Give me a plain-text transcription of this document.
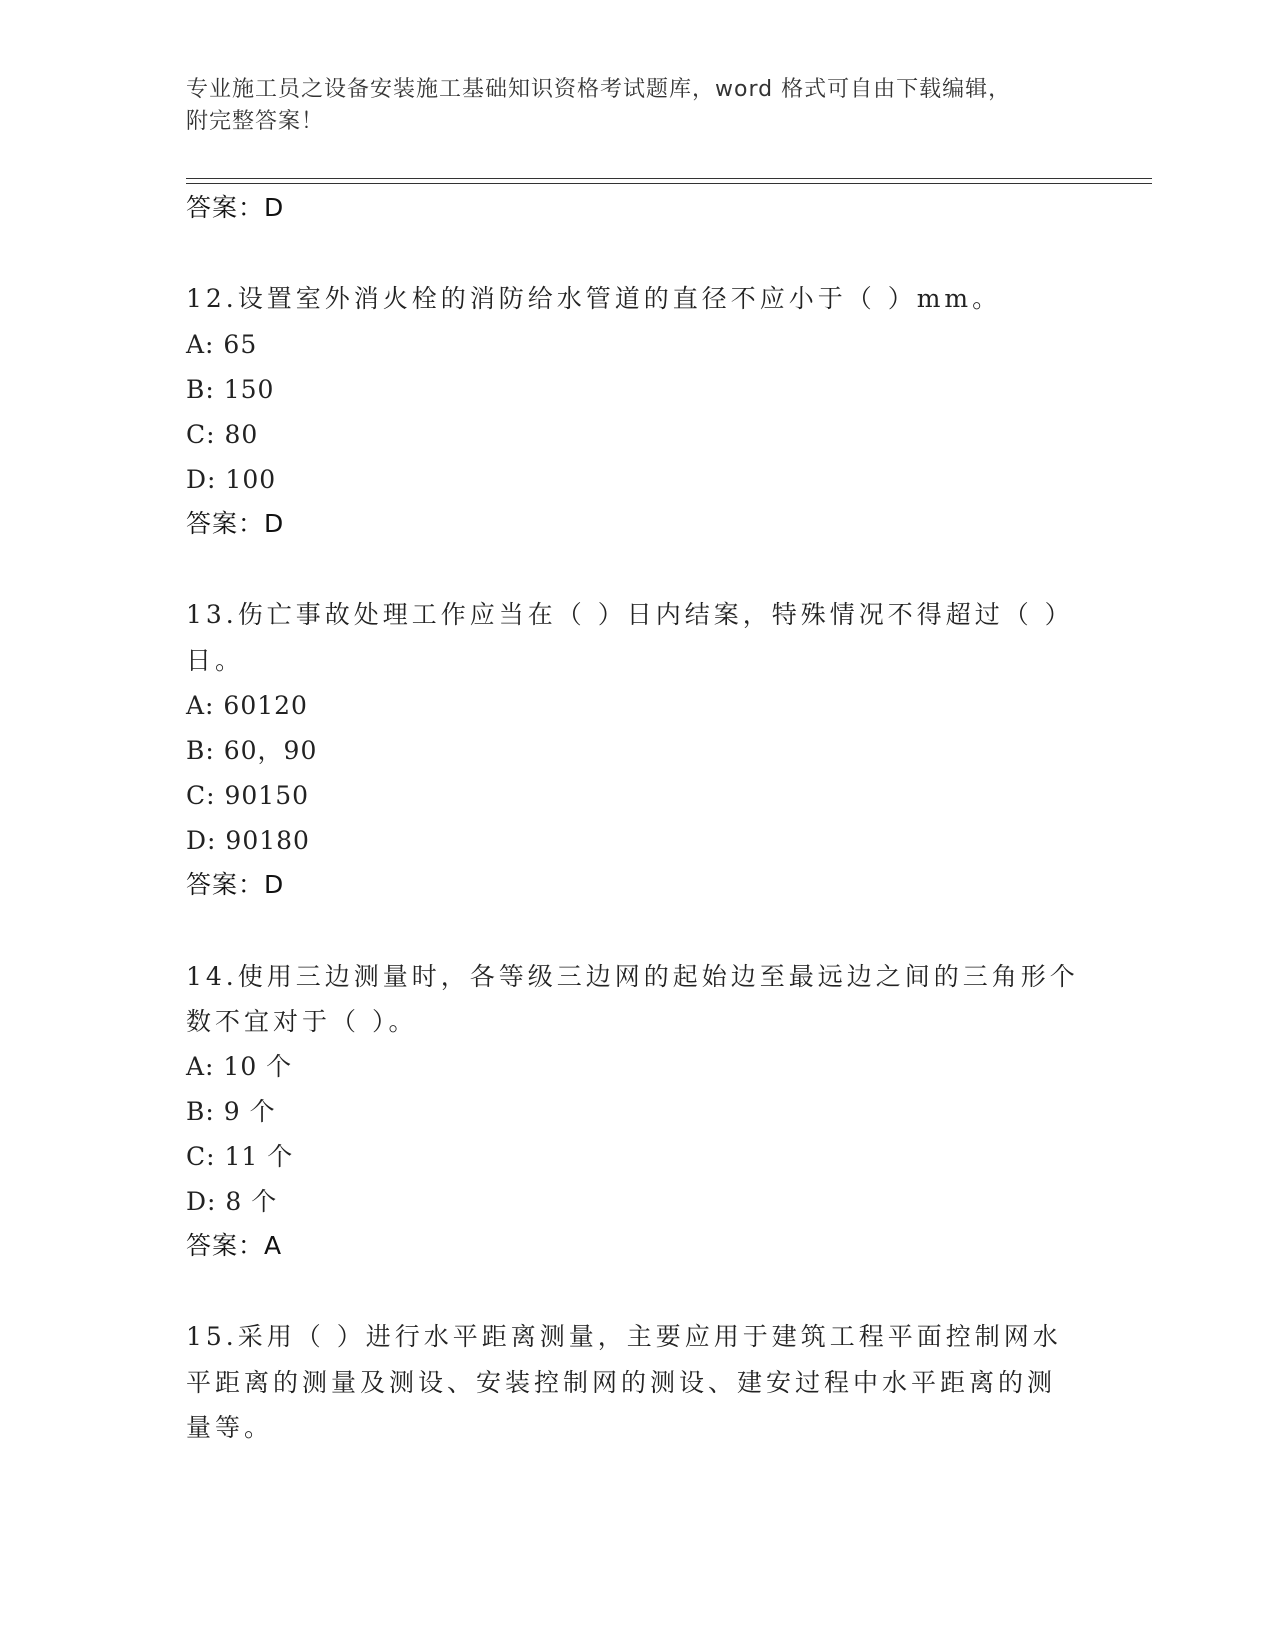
专业施工员之设备安装施工基础知识资格考试题库，word 格式可自由下载编辑，
附完整答案！
答案：D
12.设置室外消火栓的消防给水管道的直径不应小于（ ）mm。
A: 65
B: 150
C: 80
D: 100
答案：D
13.伤亡事故处理工作应当在（ ）日内结案，特殊情况不得超过（ ）
日。
A: 60120
B: 60，90
C: 90150
D: 90180
答案：D
14.使用三边测量时，各等级三边网的起始边至最远边之间的三角形个
数不宜对于（ ）。
A: 10 个
B: 9 个
C: 11 个
D: 8 个
答案：A
15.采用（ ）进行水平距离测量，主要应用于建筑工程平面控制网水
平距离的测量及测设、安装控制网的测设、建安过程中水平距离的测
量等。
